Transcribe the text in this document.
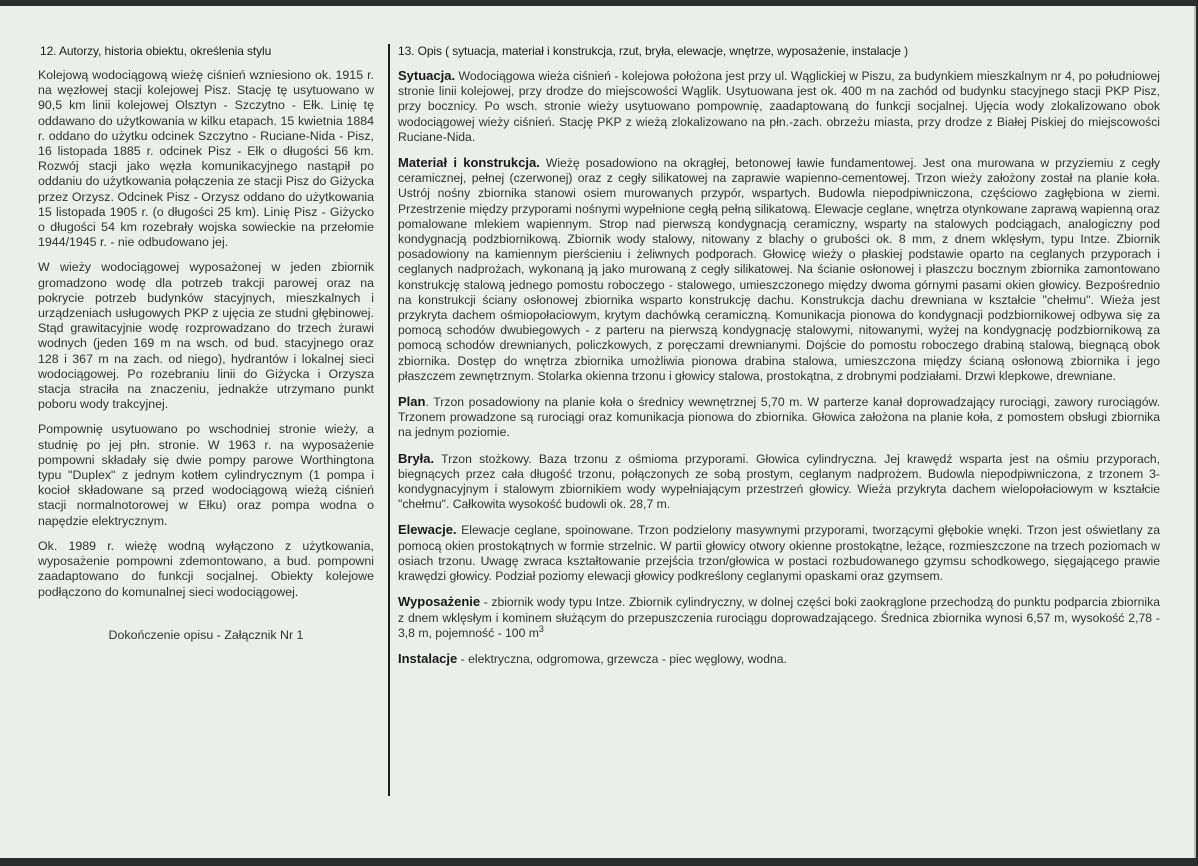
12. Autorzy, historia obiektu, określenia stylu

Kolejową wodociągową wieżę ciśnień wzniesiono ok. 1915 r. na węzłowej stacji kolejowej Pisz. Stację tę usytuowano w 90,5 km linii kolejowej Olsztyn - Szczytno - Ełk. Linię tę oddawano do użytkowania w kilku etapach. 15 kwietnia 1884 r. oddano do użytku odcinek Szczytno - Ruciane-Nida - Pisz, 16 listopada 1885 r. odcinek Pisz - Ełk o długości 56 km. Rozwój stacji jako węzła komunikacyjnego nastąpił po oddaniu do użytkowania połączenia ze stacji Pisz do Giżycka przez Orzysz. Odcinek Pisz - Orzysz oddano do użytkowania 15 listopada 1905 r. (o długości 25 km). Linię Pisz - Giżycko o długości 54 km rozebrały wojska sowieckie na przełomie 1944/1945 r. - nie odbudowano jej.

W wieży wodociągowej wyposażonej w jeden zbiornik gromadzono wodę dla potrzeb trakcji parowej oraz na pokrycie potrzeb budynków stacyjnych, mieszkalnych i urządzeniach usługowych PKP z ujęcia ze studni głębinowej. Stąd grawitacyjnie wodę rozprowadzano do trzech żurawi wodnych (jeden 169 m na wsch. od bud. stacyjnego oraz 128 i 367 m na zach. od niego), hydrantów i lokalnej sieci wodociągowej. Po rozebraniu linii do Giżycka i Orzysza stacja straciła na znaczeniu, jednakże utrzymano punkt poboru wody trakcyjnej.

Pompownię usytuowano po wschodniej stronie wieży, a studnię po jej płn. stronie. W 1963 r. na wyposażenie pompowni składały się dwie pompy parowe Worthingtona typu "Duplex" z jednym kotłem cylindrycznym (1 pompa i kocioł składowane są przed wodociągową wieżą ciśnień stacji normalnotorowej w Ełku) oraz pompa wodna o napędzie elektrycznym.

Ok. 1989 r. wieżę wodną wyłączono z użytkowania, wyposażenie pompowni zdemontowano, a bud. pompowni zaadaptowano do funkcji socjalnej. Obiekty kolejowe podłączono do komunalnej sieci wodociągowej.

Dokończenie opisu - Załącznik Nr 1
13. Opis ( sytuacja, materiał i konstrukcja, rzut, bryła, elewacje, wnętrze, wyposażenie, instalacje )

Sytuacja. Wodociągowa wieża ciśnień - kolejowa położona jest przy ul. Wąglickiej w Piszu, za budynkiem mieszkalnym nr 4, po południowej stronie linii kolejowej, przy drodze do miejscowości Wąglik. Usytuowana jest ok. 400 m na zachód od budynku stacyjnego stacji PKP Pisz, przy bocznicy. Po wsch. stronie wieży usytuowano pompownię, zaadaptowaną do funkcji socjalnej. Ujęcia wody zlokalizowano obok wodociągowej wieży ciśnień. Stację PKP z wieżą zlokalizowano na płn.-zach. obrzeżu miasta, przy drodze z Białej Piskiej do miejscowości Ruciane-Nida.

Materiał i konstrukcja. Wieżę posadowiono na okrągłej, betonowej ławie fundamentowej. Jest ona murowana w przyziemiu z cegły ceramicznej, pełnej (czerwonej) oraz z cegły silikatowej na zaprawie wapienno-cementowej. Trzon wieży założony został na planie koła. Ustrój nośny zbiornika stanowi osiem murowanych przypór, wspartych. Budowla niepodpiwniczona, częściowo zagłębiona w ziemi. Przestrzenie między przyporami nośnymi wypełnione cegłą pełną silikatową. Elewacje ceglane, wnętrza otynkowane zaprawą wapienną oraz pomalowane mlekiem wapiennym. Strop nad pierwszą kondygnacją ceramiczny, wsparty na stalowych podciągach, analogiczny pod kondygnacją podzbiornikową. Zbiornik wody stalowy, nitowany z blachy o grubości ok. 8 mm, z dnem wklęsłym, typu Intze. Zbiornik posadowiony na kamiennym pierścieniu i żeliwnych podporach. Głowicę wieży o płaskiej podstawie oparto na ceglanych przyporach i ceglanych nadprożach, wykonaną ją jako murowaną z cegły silikatowej. Na ścianie osłonowej i płaszczu bocznym zbiornika zamontowano konstrukcję stalową jednego pomostu roboczego - stalowego, umieszczonego między dwoma górnymi pasami okien głowicy. Bezpośrednio na konstrukcji ściany osłonowej zbiornika wsparto konstrukcję dachu. Konstrukcja dachu drewniana w kształcie "chełmu". Wieża jest przykryta dachem ośmiopołaciowym, krytym dachówką ceramiczną. Komunikacja pionowa do kondygnacji podzbiornikowej odbywa się za pomocą schodów dwubiegowych - z parteru na pierwszą kondygnację stalowymi, nitowanymi, wyżej na kondygnację podzbiornikową za pomocą schodów drewnianych, policzkowych, z poręczami drewnianymi. Dojście do pomostu roboczego drabiną stalową, biegnącą obok zbiornika. Dostęp do wnętrza zbiornika umożliwia pionowa drabina stalowa, umieszczona między ścianą osłonową zbiornika i jego płaszczem zewnętrznym. Stolarka okienna trzonu i głowicy stalowa, prostokątna, z drobnymi podziałami. Drzwi klepkowe, drewniane.

Plan. Trzon posadowiony na planie koła o średnicy wewnętrznej 5,70 m. W parterze kanał doprowadzający rurociągi, zawory rurociągów. Trzonem prowadzone są rurociągi oraz komunikacja pionowa do zbiornika. Głowica założona na planie koła, z pomostem obsługi zbiornika na jednym poziomie.

Bryła. Trzon stożkowy. Baza trzonu z ośmioma przyporami. Głowica cylindryczna. Jej krawędź wsparta jest na ośmiu przyporach, biegnących przez cała długość trzonu, połączonych ze sobą prostym, ceglanym nadprożem. Budowla niepodpiwniczona, z trzonem 3-kondygnacyjnym i stalowym zbiornikiem wody wypełniającym przestrzeń głowicy. Wieża przykryta dachem wielopołaciowym w kształcie "chełmu". Całkowita wysokość budowli ok. 28,7 m.

Elewacje. Elewacje ceglane, spoinowane. Trzon podzielony masywnymi przyporami, tworzącymi głębokie wnęki. Trzon jest oświetlany za pomocą okien prostokątnych w formie strzelnic. W partii głowicy otwory okienne prostokątne, leżące, rozmieszczone na trzech poziomach w osiach trzonu. Uwagę zwraca kształtowanie przejścia trzon/głowica w postaci rozbudowanego gzymsu schodkowego, sięgającego prawie krawędzi głowicy. Podział poziomy elewacji głowicy podkreślony ceglanymi opaskami oraz gzymsem.

Wyposażenie - zbiornik wody typu Intze. Zbiornik cylindryczny, w dolnej części boki zaokrąglone przechodzą do punktu podparcia zbiornika z dnem wklęsłym i kominem służącym do przepuszczenia rurociągu doprowadzającego. Średnica zbiornika wynosi 6,57 m, wysokość 2,78 - 3,8 m, pojemność - 100 $m^3$

Instalacje - elektryczna, odgromowa, grzewcza - piec węglowy, wodna.
